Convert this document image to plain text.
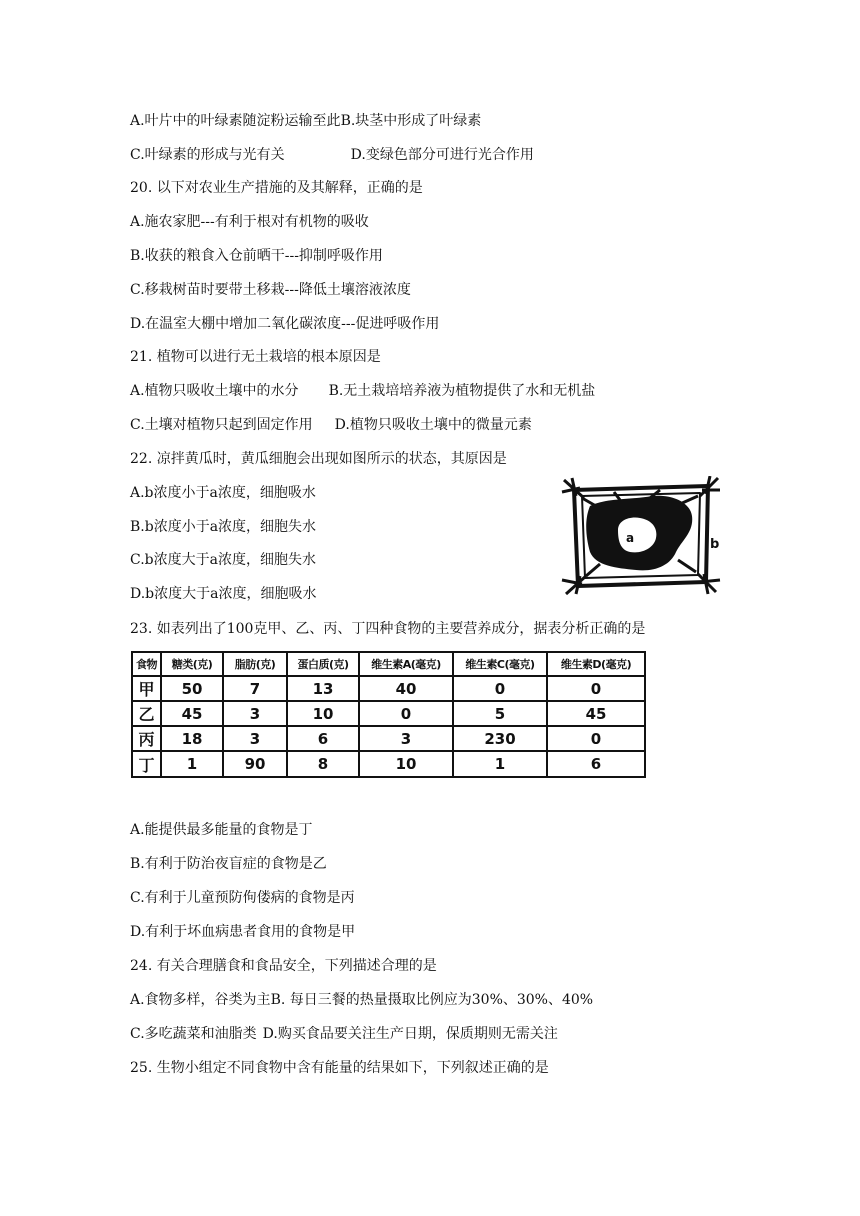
A.叶片中的叶绿素随淀粉运输至此B.块茎中形成了叶绿素
C.叶绿素的形成与光有关	D.变绿色部分可进行光合作用
20. 以下对农业生产措施的及其解释，正确的是
A.施农家肥---有利于根对有机物的吸收
B.收获的粮食入仓前晒干---抑制呼吸作用
C.移栽树苗时要带土移栽---降低土壤溶液浓度
D.在温室大棚中增加二氧化碳浓度---促进呼吸作用
21. 植物可以进行无土栽培的根本原因是
A.植物只吸收土壤中的水分 B.无土栽培培养液为植物提供了水和无机盐
C.土壤对植物只起到固定作用 D.植物只吸收土壤中的微量元素
22. 凉拌黄瓜时，黄瓜细胞会出现如图所示的状态，其原因是
A.b浓度小于a浓度，细胞吸水
B.b浓度小于a浓度，细胞失水
C.b浓度大于a浓度，细胞失水
D.b浓度大于a浓度，细胞吸水
a	b
23. 如表列出了100克甲、乙、丙、丁四种食物的主要营养成分，据表分析正确的是
食物	糖类(克)	脂肪(克)	蛋白质(克)	维生素A(毫克)	维生素C(毫克)	维生素D(毫克)
甲	50	7	13	40	0	0
乙	45	3	10	0	5	45
丙	18	3	6	3	230	0
丁	1	90	8	10	1	6
A.能提供最多能量的食物是丁
B.有利于防治夜盲症的食物是乙
C.有利于儿童预防佝偻病的食物是丙
D.有利于坏血病患者食用的食物是甲
24. 有关合理膳食和食品安全，下列描述合理的是
A.食物多样，谷类为主B. 每日三餐的热量摄取比例应为30%、30%、40%
C.多吃蔬菜和油脂类 D.购买食品要关注生产日期，保质期则无需关注
25. 生物小组定不同食物中含有能量的结果如下，下列叙述正确的是
